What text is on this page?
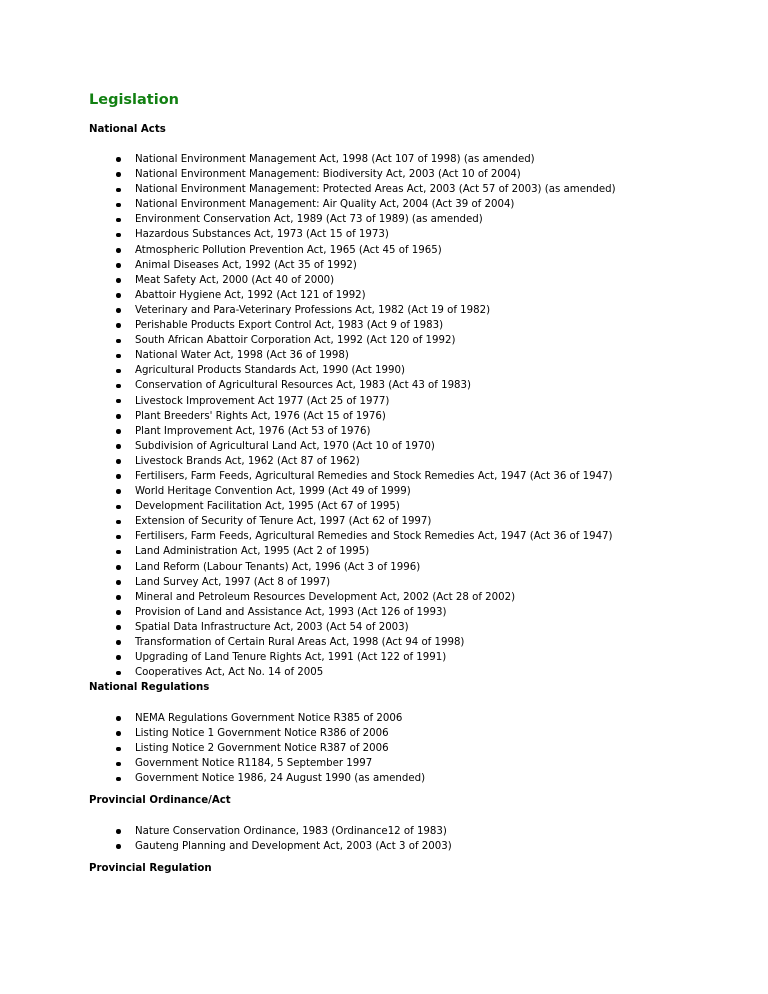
Legislation
National Acts
National Environment Management Act, 1998 (Act 107 of 1998) (as amended)
National Environment Management: Biodiversity Act, 2003 (Act 10 of 2004)
National Environment Management: Protected Areas Act, 2003 (Act 57 of 2003) (as amended)
National Environment Management: Air Quality Act, 2004 (Act 39 of 2004)
Environment Conservation Act, 1989 (Act 73 of 1989) (as amended)
Hazardous Substances Act, 1973 (Act 15 of 1973)
Atmospheric Pollution Prevention Act, 1965 (Act 45 of 1965)
Animal Diseases Act, 1992 (Act 35 of 1992)
Meat Safety Act, 2000 (Act 40 of 2000)
Abattoir Hygiene Act, 1992 (Act 121 of 1992)
Veterinary and Para-Veterinary Professions Act, 1982 (Act 19 of 1982)
Perishable Products Export Control Act, 1983 (Act 9 of 1983)
South African Abattoir Corporation Act, 1992 (Act 120 of 1992)
National Water Act, 1998 (Act 36 of 1998)
Agricultural Products Standards Act, 1990 (Act 1990)
Conservation of Agricultural Resources Act, 1983 (Act 43 of 1983)
Livestock Improvement Act 1977 (Act 25 of 1977)
Plant Breeders' Rights Act, 1976 (Act 15 of 1976)
Plant Improvement Act, 1976 (Act 53 of 1976)
Subdivision of Agricultural Land Act, 1970 (Act 10 of 1970)
Livestock Brands Act, 1962 (Act 87 of 1962)
Fertilisers, Farm Feeds, Agricultural Remedies and Stock Remedies Act, 1947 (Act 36 of 1947)
World Heritage Convention Act, 1999 (Act 49 of 1999)
Development Facilitation Act, 1995 (Act 67 of 1995)
Extension of Security of Tenure Act, 1997 (Act 62 of 1997)
Fertilisers, Farm Feeds, Agricultural Remedies and Stock Remedies Act, 1947 (Act 36 of 1947)
Land Administration Act, 1995 (Act 2 of 1995)
Land Reform (Labour Tenants) Act, 1996 (Act 3 of 1996)
Land Survey Act, 1997 (Act 8 of 1997)
Mineral and Petroleum Resources Development Act, 2002 (Act 28 of 2002)
Provision of Land and Assistance Act, 1993 (Act 126 of 1993)
Spatial Data Infrastructure Act, 2003 (Act 54 of 2003)
Transformation of Certain Rural Areas Act, 1998 (Act 94 of 1998)
Upgrading of Land Tenure Rights Act, 1991 (Act 122 of 1991)
Cooperatives Act, Act No. 14 of 2005
National Regulations
NEMA Regulations Government Notice R385 of 2006
Listing Notice 1 Government Notice R386 of 2006
Listing Notice 2 Government Notice R387 of 2006
Government Notice R1184, 5 September 1997
Government Notice 1986, 24 August 1990 (as amended)
Provincial Ordinance/Act
Nature Conservation Ordinance, 1983 (Ordinance12 of 1983)
Gauteng Planning and Development Act, 2003 (Act 3 of 2003)
Provincial Regulation
